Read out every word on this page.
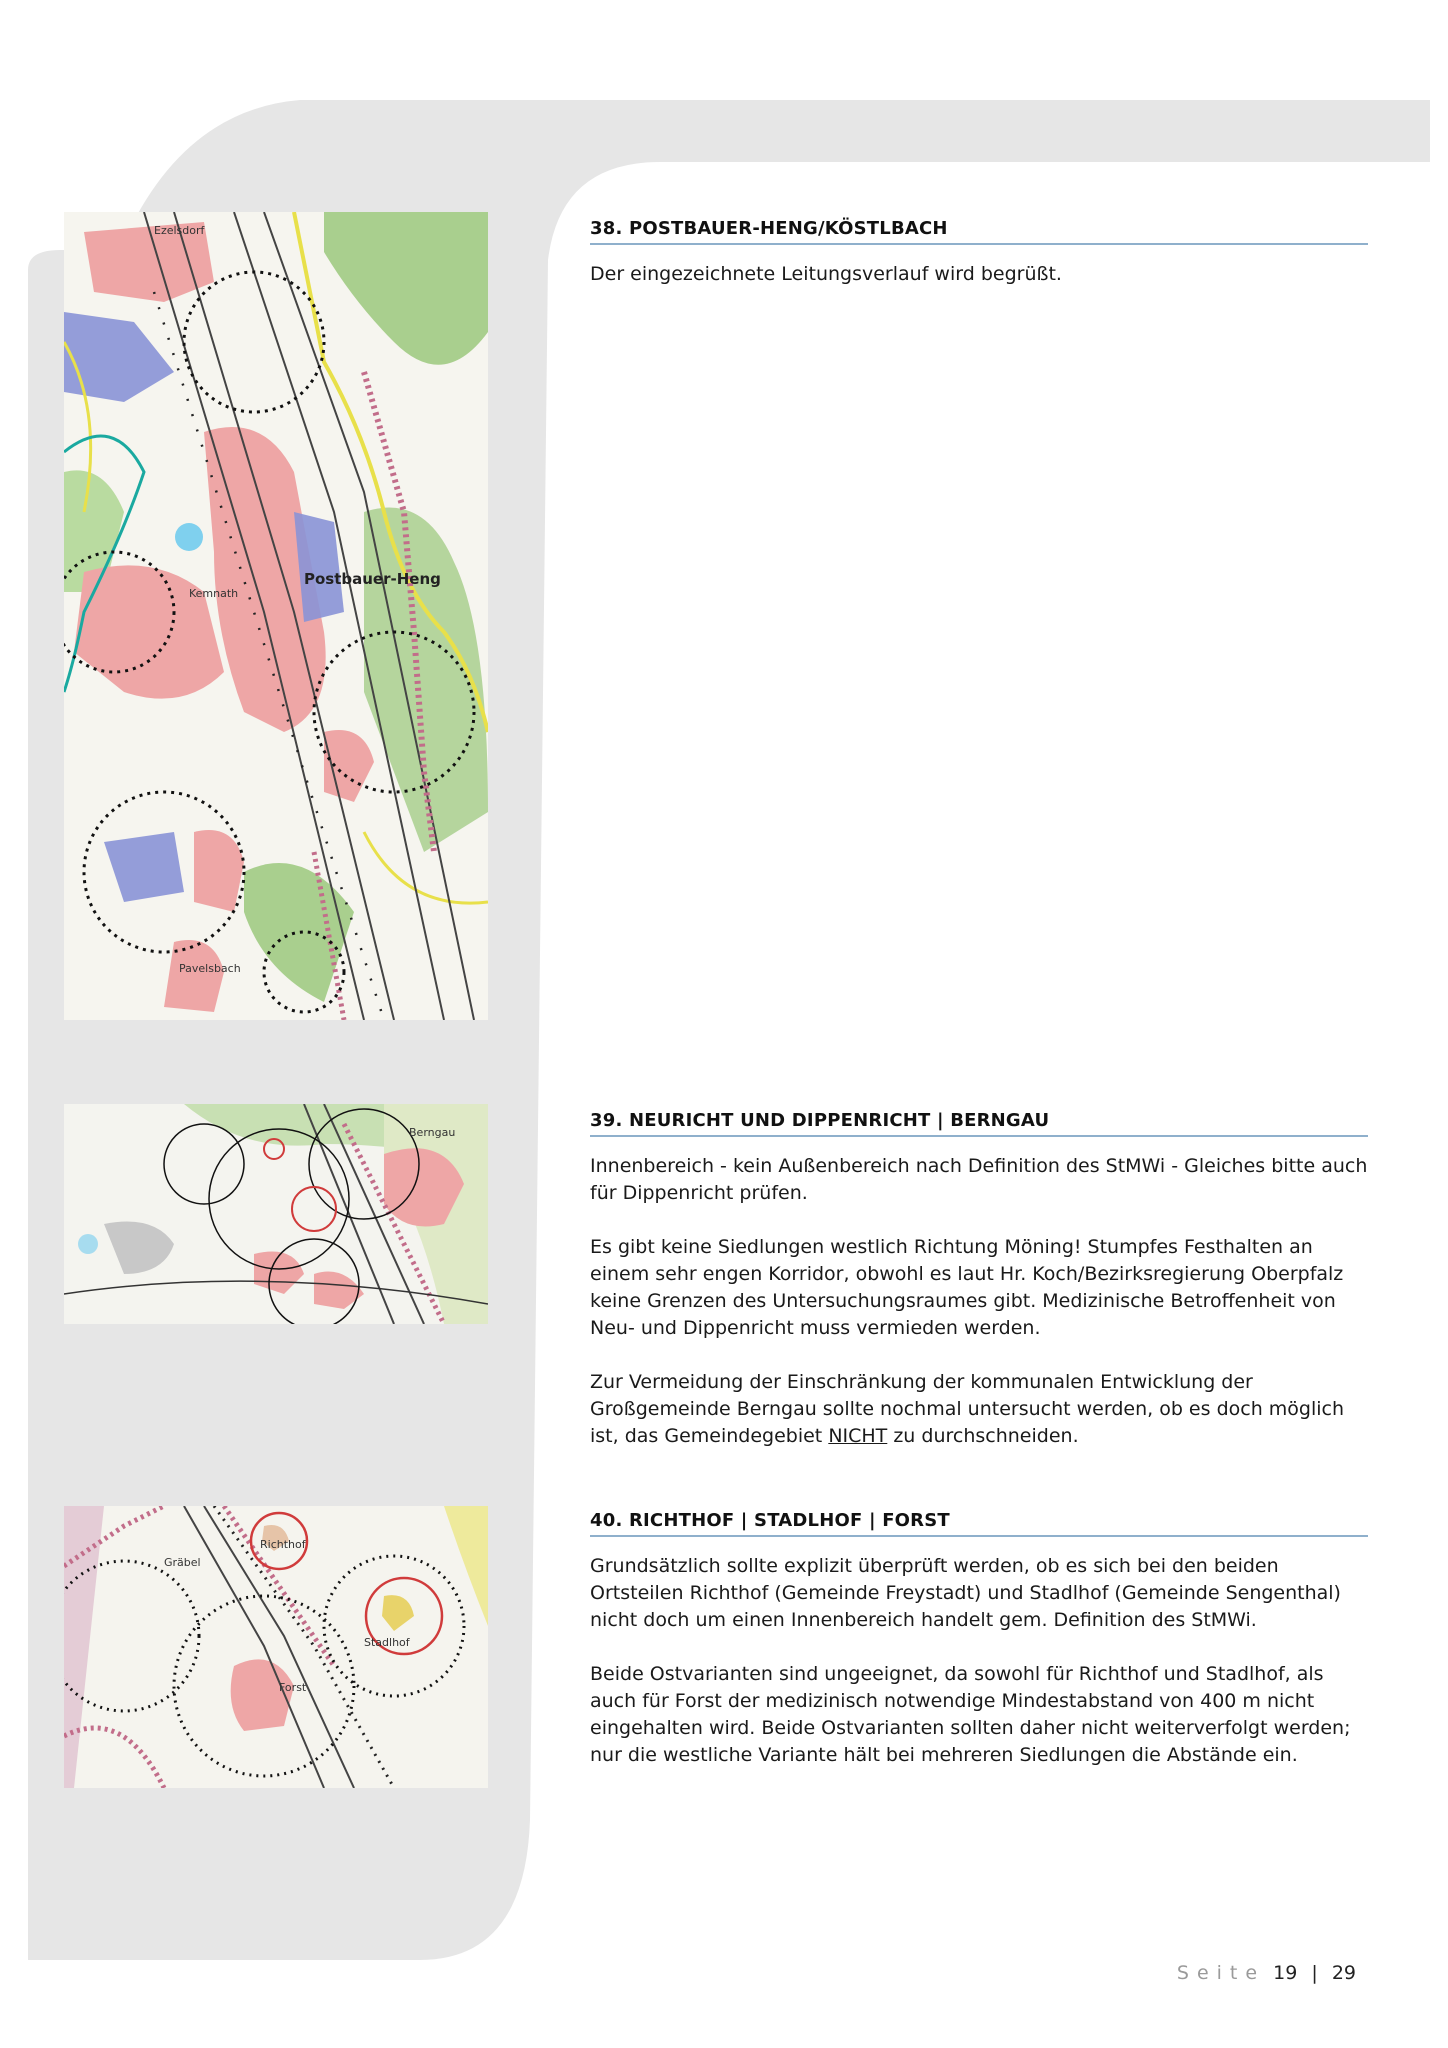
Ezelsdorf
Kemnath
Postbauer-Heng
Pavelsbach
Berngau
Gräbel
Richthof
Forst
Stadlhof
38. POSTBAUER-HENG/KÖSTLBACH

Der eingezeichnete Leitungsverlauf wird begrüßt.

39. NEURICHT UND DIPPENRICHT | BERNGAU

Innenbereich - kein Außenbereich nach Definition des StMWi - Gleiches bitte auch für Dippenricht prüfen.

Es gibt keine Siedlungen westlich Richtung Möning! Stumpfes Festhalten an einem sehr engen Korridor, obwohl es laut Hr. Koch/Bezirksregierung Oberpfalz keine Grenzen des Untersuchungsraumes gibt. Medizinische Betroffenheit von Neu- und Dippenricht muss vermieden werden.

Zur Vermeidung der Einschränkung der kommunalen Entwicklung der Großgemeinde Berngau sollte nochmal untersucht werden, ob es doch möglich ist, das Gemeindegebiet NICHT zu durchschneiden.

40. RICHTHOF | STADLHOF | FORST

Grundsätzlich sollte explizit überprüft werden, ob es sich bei den beiden Ortsteilen Richthof (Gemeinde Freystadt) und Stadlhof (Gemeinde Sengenthal) nicht doch um einen Innenbereich handelt gem. Definition des StMWi.

Beide Ostvarianten sind ungeeignet, da sowohl für Richthof und Stadlhof, als auch für Forst der medizinisch notwendige Mindestabstand von 400 m nicht eingehalten wird. Beide Ostvarianten sollten daher nicht weiterverfolgt werden; nur die westliche Variante hält bei mehreren Siedlungen die Abstände ein.

Seite 19 | 29
